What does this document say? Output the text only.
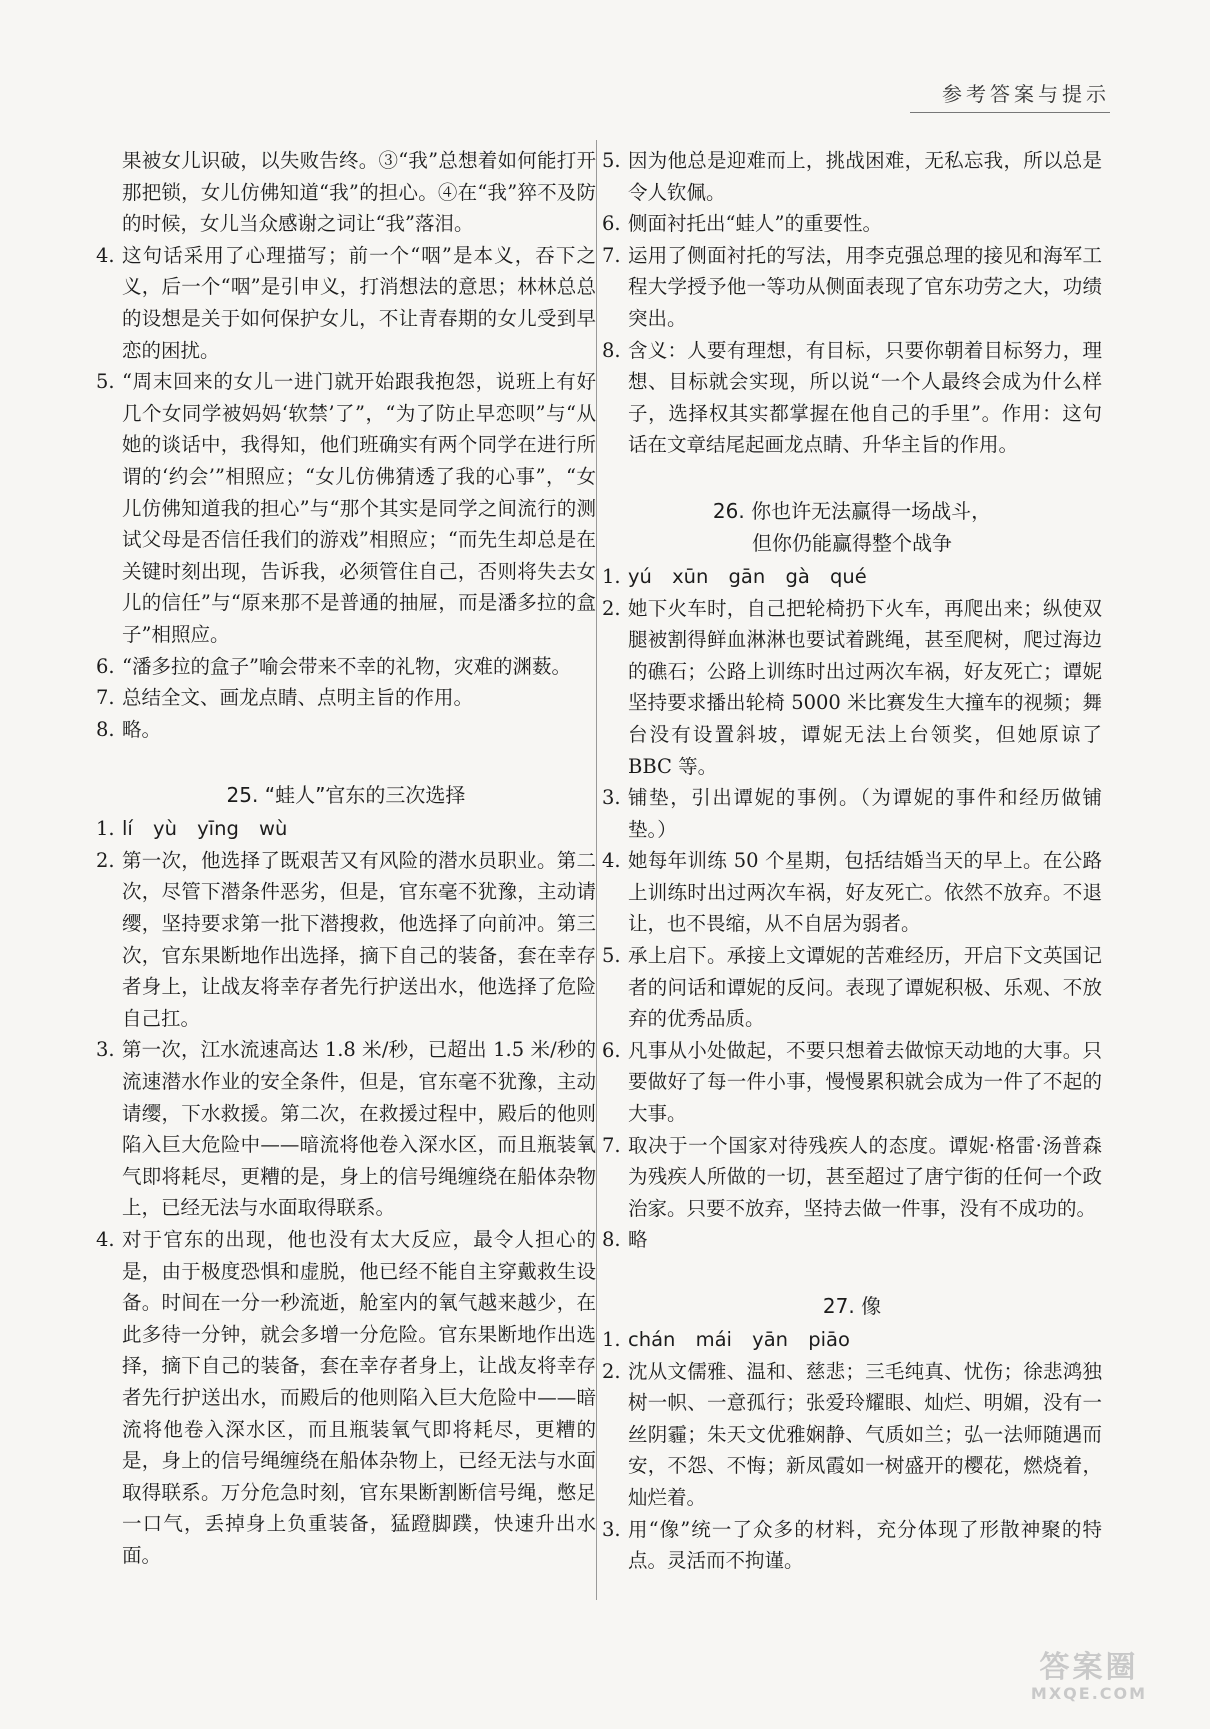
参考答案与提示
果被女儿识破，以失败告终。③“我”总想着如何能打开那把锁，女儿仿佛知道“我”的担心。④在“我”猝不及防的时候，女儿当众感谢之词让“我”落泪。
4. 这句话采用了心理描写；前一个“咽”是本义，吞下之义，后一个“咽”是引申义，打消想法的意思；林林总总的设想是关于如何保护女儿，不让青春期的女儿受到早恋的困扰。
5. “周末回来的女儿一进门就开始跟我抱怨，说班上有好几个女同学被妈妈‘软禁’了”，“为了防止早恋呗”与“从她的谈话中，我得知，他们班确实有两个同学在进行所谓的‘约会’”相照应；“女儿仿佛猜透了我的心事”，“女儿仿佛知道我的担心”与“那个其实是同学之间流行的测试父母是否信任我们的游戏”相照应；“而先生却总是在关键时刻出现，告诉我，必须管住自己，否则将失去女儿的信任”与“原来那不是普通的抽屉，而是潘多拉的盒子”相照应。
6. “潘多拉的盒子”喻会带来不幸的礼物，灾难的渊薮。
7. 总结全文、画龙点睛、点明主旨的作用。
8. 略。
25. “蛙人”官东的三次选择
1. lí yù yīng wù
2. 第一次，他选择了既艰苦又有风险的潜水员职业。第二次，尽管下潜条件恶劣，但是，官东毫不犹豫，主动请缨，坚持要求第一批下潜搜救，他选择了向前冲。第三次，官东果断地作出选择，摘下自己的装备，套在幸存者身上，让战友将幸存者先行护送出水，他选择了危险自己扛。
3. 第一次，江水流速高达 1.8 米/秒，已超出 1.5 米/秒的流速潜水作业的安全条件，但是，官东毫不犹豫，主动请缨，下水救援。第二次，在救援过程中，殿后的他则陷入巨大危险中——暗流将他卷入深水区，而且瓶装氧气即将耗尽，更糟的是，身上的信号绳缠绕在船体杂物上，已经无法与水面取得联系。
4. 对于官东的出现，他也没有太大反应，最令人担心的是，由于极度恐惧和虚脱，他已经不能自主穿戴救生设备。时间在一分一秒流逝，舱室内的氧气越来越少，在此多待一分钟，就会多增一分危险。官东果断地作出选择，摘下自己的装备，套在幸存者身上，让战友将幸存者先行护送出水，而殿后的他则陷入巨大危险中——暗流将他卷入深水区，而且瓶装氧气即将耗尽，更糟的是，身上的信号绳缠绕在船体杂物上，已经无法与水面取得联系。万分危急时刻，官东果断割断信号绳，憋足一口气，丢掉身上负重装备，猛蹬脚蹼，快速升出水面。
5. 因为他总是迎难而上，挑战困难，无私忘我，所以总是令人钦佩。
6. 侧面衬托出“蛙人”的重要性。
7. 运用了侧面衬托的写法，用李克强总理的接见和海军工程大学授予他一等功从侧面表现了官东功劳之大，功绩突出。
8. 含义：人要有理想，有目标，只要你朝着目标努力，理想、目标就会实现，所以说“一个人最终会成为什么样子，选择权其实都掌握在他自己的手里”。作用：这句话在文章结尾起画龙点睛、升华主旨的作用。
26. 你也许无法赢得一场战斗，
但你仍能赢得整个战争
1. yú xūn gān gà qué
2. 她下火车时，自己把轮椅扔下火车，再爬出来；纵使双腿被割得鲜血淋淋也要试着跳绳，甚至爬树，爬过海边的礁石；公路上训练时出过两次车祸，好友死亡；谭妮坚持要求播出轮椅 5000 米比赛发生大撞车的视频；舞台没有设置斜坡，谭妮无法上台领奖，但她原谅了 BBC 等。
3. 铺垫，引出谭妮的事例。（为谭妮的事件和经历做铺垫。）
4. 她每年训练 50 个星期，包括结婚当天的早上。在公路上训练时出过两次车祸，好友死亡。依然不放弃。不退让，也不畏缩，从不自居为弱者。
5. 承上启下。承接上文谭妮的苦难经历，开启下文英国记者的问话和谭妮的反问。表现了谭妮积极、乐观、不放弃的优秀品质。
6. 凡事从小处做起，不要只想着去做惊天动地的大事。只要做好了每一件小事，慢慢累积就会成为一件了不起的大事。
7. 取决于一个国家对待残疾人的态度。谭妮·格雷·汤普森为残疾人所做的一切，甚至超过了唐宁街的任何一个政治家。只要不放弃，坚持去做一件事，没有不成功的。
8. 略
27. 像
1. chán mái yān piāo
2. 沈从文儒雅、温和、慈悲；三毛纯真、忧伤；徐悲鸿独树一帜、一意孤行；张爱玲耀眼、灿烂、明媚，没有一丝阴霾；朱天文优雅娴静、气质如兰；弘一法师随遇而安，不怨、不悔；新凤霞如一树盛开的樱花，燃烧着，灿烂着。
3. 用“像”统一了众多的材料，充分体现了形散神聚的特点。灵活而不拘谨。
答案圈
MXQE.COM
